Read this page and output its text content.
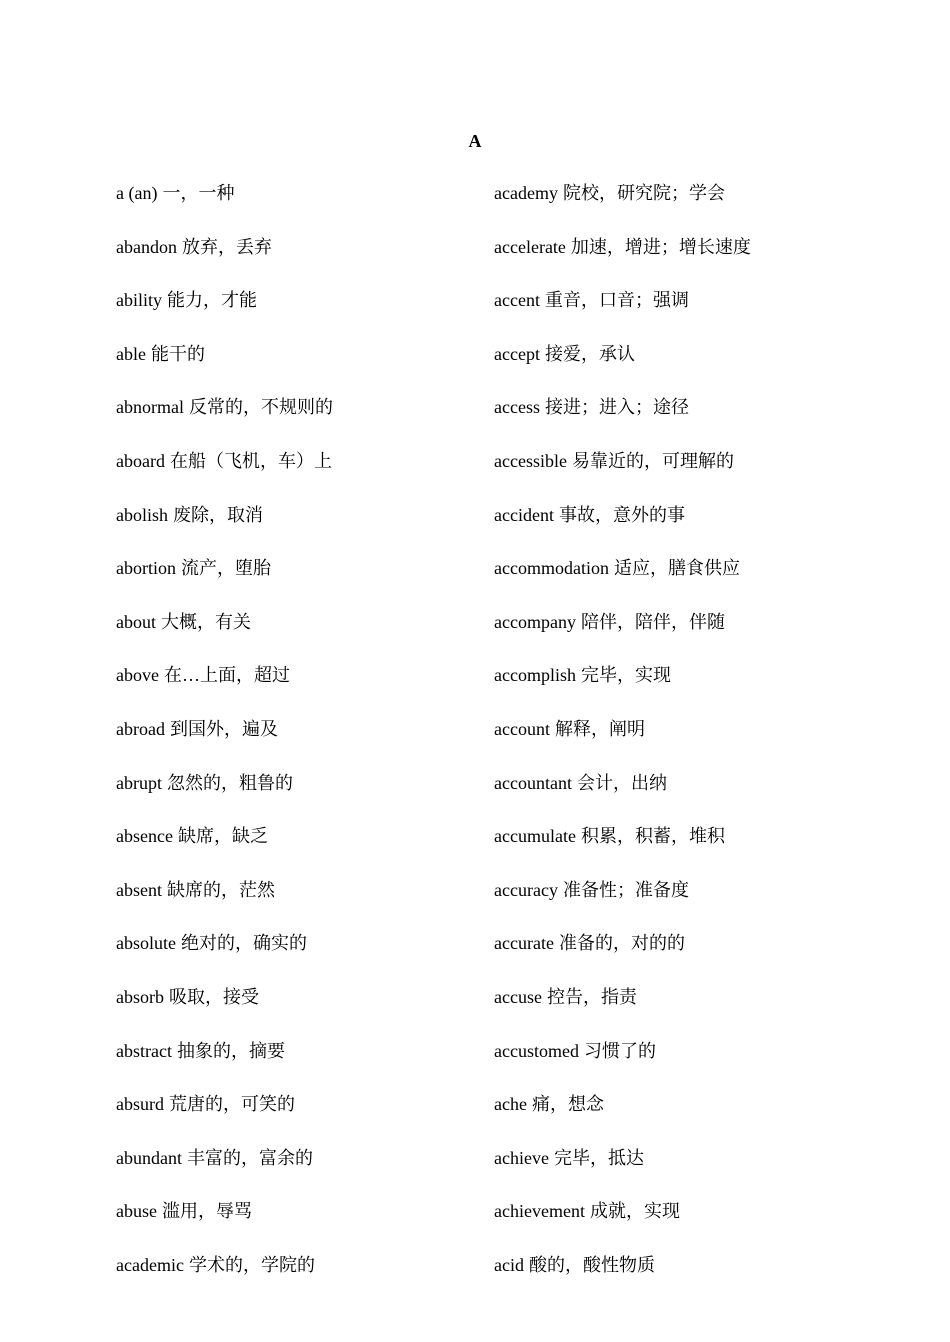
A
a (an) 一，一种
abandon 放弃，丢弃
ability 能力，才能
able 能干的
abnormal 反常的，不规则的
aboard 在船（飞机，车）上
abolish 废除，取消
abortion 流产，堕胎
about 大概，有关
above 在…上面，超过
abroad 到国外，遍及
abrupt 忽然的，粗鲁的
absence 缺席，缺乏
absent 缺席的，茫然
absolute 绝对的，确实的
absorb 吸取，接受
abstract 抽象的，摘要
absurd 荒唐的，可笑的
abundant 丰富的，富余的
abuse 滥用，辱骂
academic 学术的，学院的
academy 院校，研究院；学会
accelerate 加速，增进；增长速度
accent 重音，口音；强调
accept 接爱，承认
access 接进；进入；途径
accessible 易靠近的，可理解的
accident 事故，意外的事
accommodation 适应，膳食供应
accompany 陪伴，陪伴，伴随
accomplish 完毕，实现
account 解释，阐明
accountant 会计，出纳
accumulate 积累，积蓄，堆积
accuracy 准备性；准备度
accurate 准备的，对的的
accuse 控告，指责
accustomed 习惯了的
ache 痛，想念
achieve 完毕，抵达
achievement 成就，实现
acid 酸的，酸性物质
